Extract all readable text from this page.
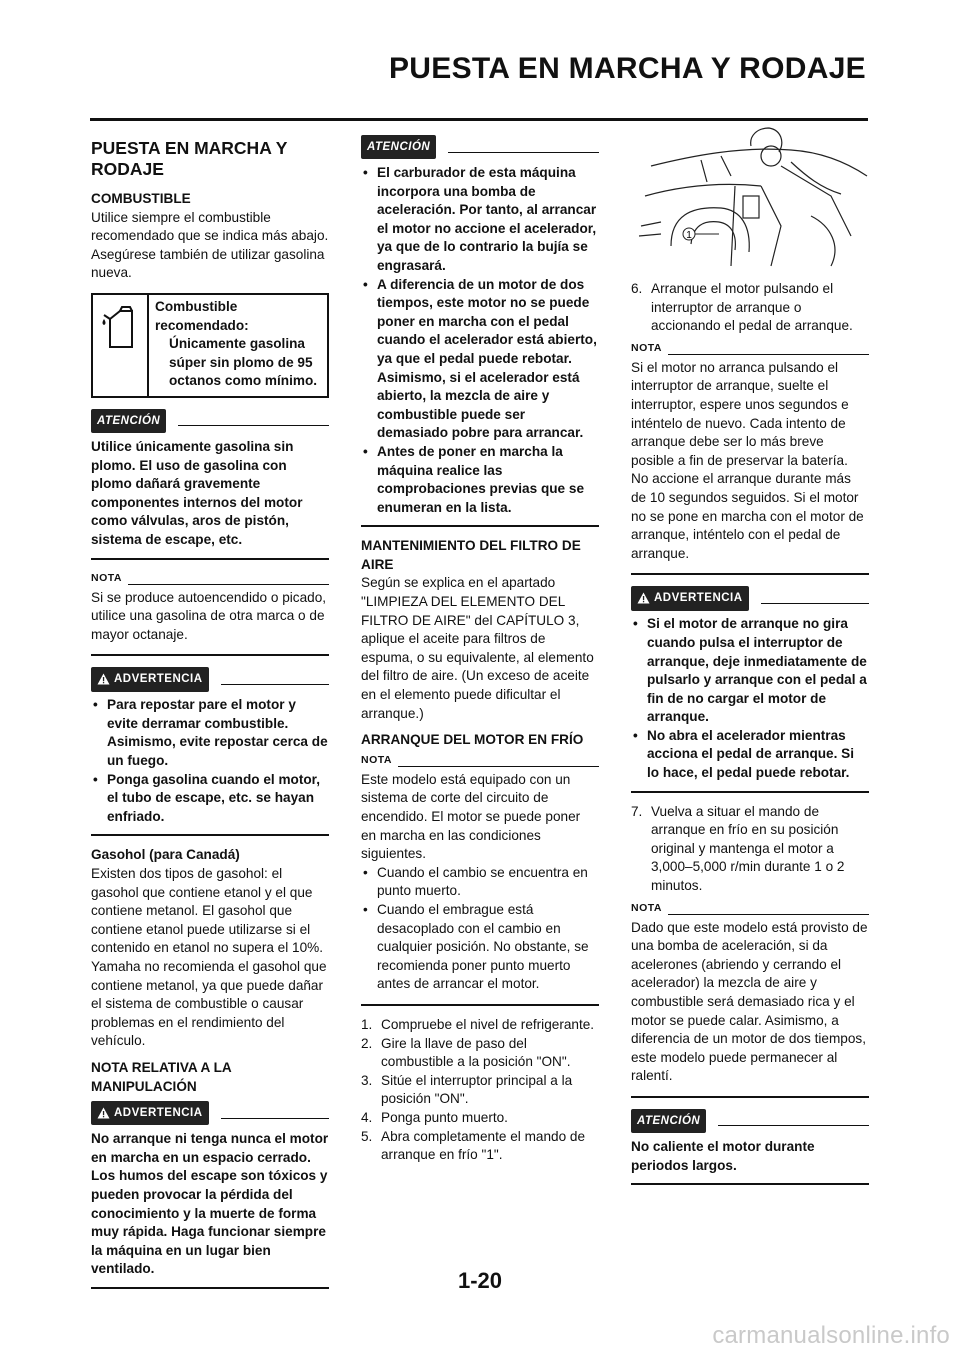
PUESTA EN MARCHA Y RODAJE
PUESTA EN MARCHA Y RODAJE

COMBUSTIBLE

Utilice siempre el combustible recomendado que se indica más abajo. Asegúrese también de utilizar gasolina nueva.

Combustible recomendado:

Únicamente gasolina súper sin plomo de 95 octanos como mínimo.

ATENCIÓN
Utilice únicamente gasolina sin plomo. El uso de gasolina con plomo dañará gravemente componentes internos del motor como válvulas, aros de pistón, sistema de escape, etc.
NOTA
Si se produce autoencendido o picado, utilice una gasolina de otra marca o de mayor octanaje.
ADVERTENCIA
• Para repostar pare el motor y evite derramar combustible. Asimismo, evite repostar cerca de un fuego.
• Ponga gasolina cuando el motor, el tubo de escape, etc. se hayan enfriado.

Gasohol (para Canadá)

Existen dos tipos de gasohol: el gasohol que contiene etanol y el que contiene metanol. El gasohol que contiene etanol puede utilizarse si el contenido en etanol no supera el 10%. Yamaha no recomienda el gasohol que contiene metanol, ya que puede dañar el sistema de combustible o causar problemas en el rendimiento del vehículo.

NOTA RELATIVA A LA MANIPULACIÓN

ADVERTENCIA
No arranque ni tenga nunca el motor en marcha en un espacio cerrado. Los humos del escape son tóxicos y pueden provocar la pérdida del conocimiento y la muerte de forma muy rápida. Haga funcionar siempre la máquina en un lugar bien ventilado.
ATENCIÓN
• El carburador de esta máquina incorpora una bomba de aceleración. Por tanto, al arrancar el motor no accione el acelerador, ya que de lo contrario la bujía se engrasará.
• A diferencia de un motor de dos tiempos, este motor no se puede poner en marcha con el pedal cuando el acelerador está abierto, ya que el pedal puede rebotar. Asimismo, si el acelerador está abierto, la mezcla de aire y combustible puede ser demasiado pobre para arrancar.
• Antes de poner en marcha la máquina realice las comprobaciones previas que se enumeran en la lista.

MANTENIMIENTO DEL FILTRO DE AIRE

Según se explica en el apartado "LIMPIEZA DEL ELEMENTO DEL FILTRO DE AIRE" del CAPÍTULO 3, aplique el aceite para filtros de espuma, o su equivalente, al elemento del filtro de aire. (Un exceso de aceite en el elemento puede dificultar el arranque.)

ARRANQUE DEL MOTOR EN FRÍO

NOTA

Este modelo está equipado con un sistema de corte del circuito de encendido. El motor se puede poner en marcha en las condiciones siguientes.

• Cuando el cambio se encuentra en punto muerto.
• Cuando el embrague está desacoplado con el cambio en cualquier posición. No obstante, se recomienda poner punto muerto antes de arrancar el motor.
1. Compruebe el nivel de refrigerante.
2. Gire la llave de paso del combustible a la posición "ON".
3. Sitúe el interruptor principal a la posición "ON".
4. Ponga punto muerto.
5. Abra completamente el mando de arranque en frío "1".
1
6. Arranque el motor pulsando el interruptor de arranque o accionando el pedal de arranque.
NOTA
Si el motor no arranca pulsando el interruptor de arranque, suelte el interruptor, espere unos segundos e inténtelo de nuevo. Cada intento de arranque debe ser lo más breve posible a fin de preservar la batería. No accione el arranque durante más de 10 segundos seguidos. Si el motor no se pone en marcha con el motor de arranque, inténtelo con el pedal de arranque.
ADVERTENCIA
• Si el motor de arranque no gira cuando pulsa el interruptor de arranque, deje inmediatamente de pulsarlo y arranque con el pedal a fin de no cargar el motor de arranque.
• No abra el acelerador mientras acciona el pedal de arranque. Si lo hace, el pedal puede rebotar.
7. Vuelva a situar el mando de arranque en frío en su posición original y mantenga el motor a 3,000–5,000 r/min durante 1 o 2 minutos.
NOTA
Dado que este modelo está provisto de una bomba de aceleración, si da acelerones (abriendo y cerrando el acelerador) la mezcla de aire y combustible será demasiado rica y el motor se puede calar. Asimismo, a diferencia de un motor de dos tiempos, este modelo puede permanecer al ralentí.
ATENCIÓN
No caliente el motor durante periodos largos.
1-20
carmanualsonline.info
